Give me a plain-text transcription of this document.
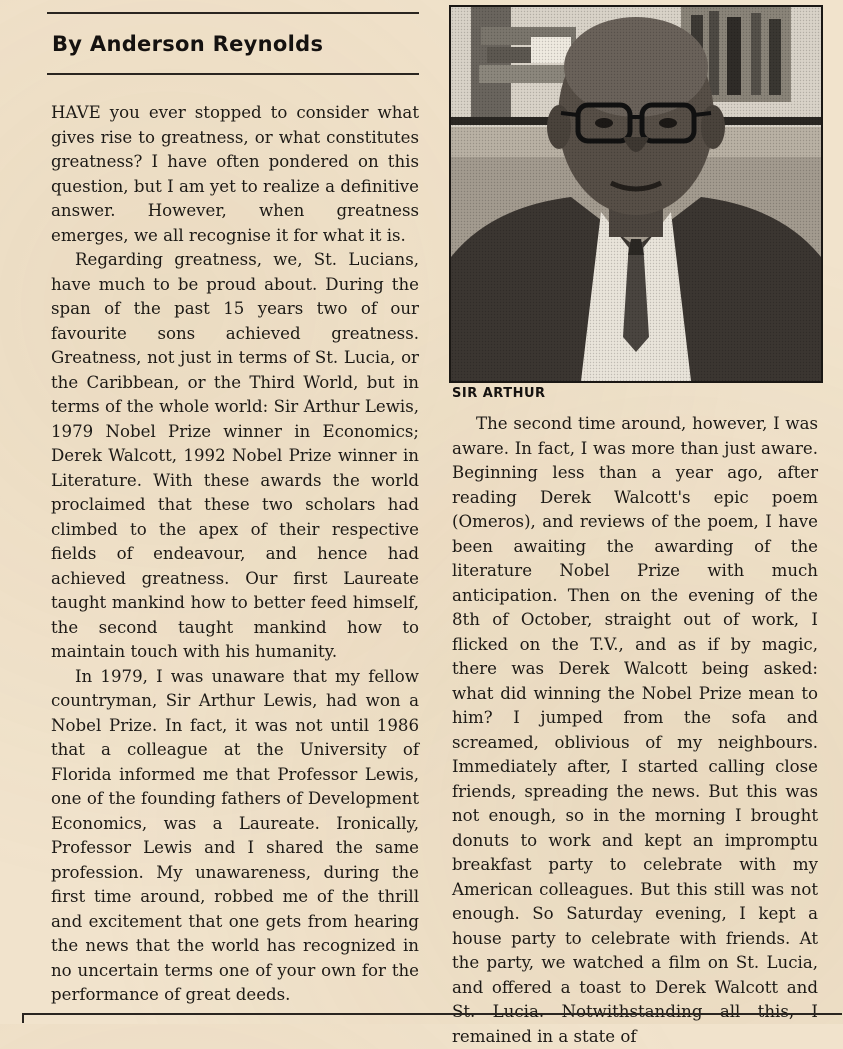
By Anderson Reynolds

HAVE you ever stopped to consider what gives rise to greatness, or what constitutes greatness? I have often pondered on this question, but I am yet to realize a definitive answer. However, when greatness emerges, we all recognise it for what it is.

Regarding greatness, we, St. Lucians, have much to be proud about. During the span of the past 15 years two of our favourite sons achieved greatness. Greatness, not just in terms of St. Lucia, or the Caribbean, or the Third World, but in terms of the whole world: Sir Arthur Lewis, 1979 Nobel Prize winner in Economics; Derek Walcott, 1992 Nobel Prize winner in Literature. With these awards the world proclaimed that these two scholars had climbed to the apex of their respective fields of endeavour, and hence had achieved greatness. Our first Laureate taught mankind how to better feed himself, the second taught mankind how to maintain touch with his humanity.

In 1979, I was unaware that my fellow countryman, Sir Arthur Lewis, had won a Nobel Prize. In fact, it was not until 1986 that a colleague at the University of Florida informed me that Professor Lewis, one of the founding fathers of Development Economics, was a Laureate. Ironically, Professor Lewis and I shared the same profession. My unawareness, during the first time around, robbed me of the thrill and excitement that one gets from hearing the news that the world has recognized in no uncertain terms one of your own for the performance of great deeds.

SIR ARTHUR
The second time around, however, I was aware. In fact, I was more than just aware. Beginning less than a year ago, after reading Derek Walcott's epic poem (Omeros), and reviews of the poem, I have been awaiting the awarding of the literature Nobel Prize with much anticipation. Then on the evening of the 8th of October, straight out of work, I flicked on the T.V., and as if by magic, there was Derek Walcott being asked: what did winning the Nobel Prize mean to him? I jumped from the sofa and screamed, oblivious of my neighbours. Immediately after, I started calling close friends, spreading the news. But this was not enough, so in the morning I brought donuts to work and kept an impromptu breakfast party to celebrate with my American colleagues. But this still was not enough. So Saturday evening, I kept a house party to celebrate with friends. At the party, we watched a film on St. Lucia, and offered a toast to Derek Walcott and St. Lucia. Notwithstanding all this, I remained in a state of
